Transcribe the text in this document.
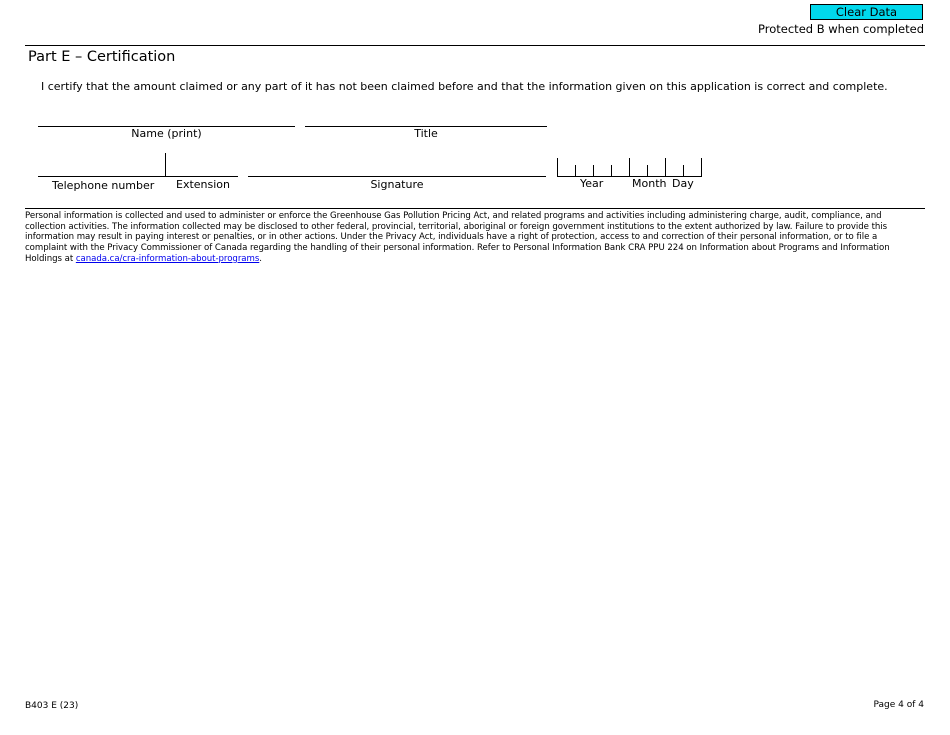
Clear Data
Protected B when completed
Part E – Certification
I certify that the amount claimed or any part of it has not been claimed before and that the information given on this application is correct and complete.
Name (print)	Title
Telephone number Extension	Signature	Year	Month Day
Personal information is collected and used to administer or enforce the Greenhouse Gas Pollution Pricing Act, and related programs and activities including administering charge, audit, compliance, and collection activities. The information collected may be disclosed to other federal, provincial, territorial, aboriginal or foreign government institutions to the extent authorized by law. Failure to provide this information may result in paying interest or penalties, or in other actions. Under the Privacy Act, individuals have a right of protection, access to and correction of their personal information, or to file a complaint with the Privacy Commissioner of Canada regarding the handling of their personal information. Refer to Personal Information Bank CRA PPU 224 on Information about Programs and Information Holdings at canada.ca/cra-information-about-programs.
B403 E (23)	Page 4 of 4
